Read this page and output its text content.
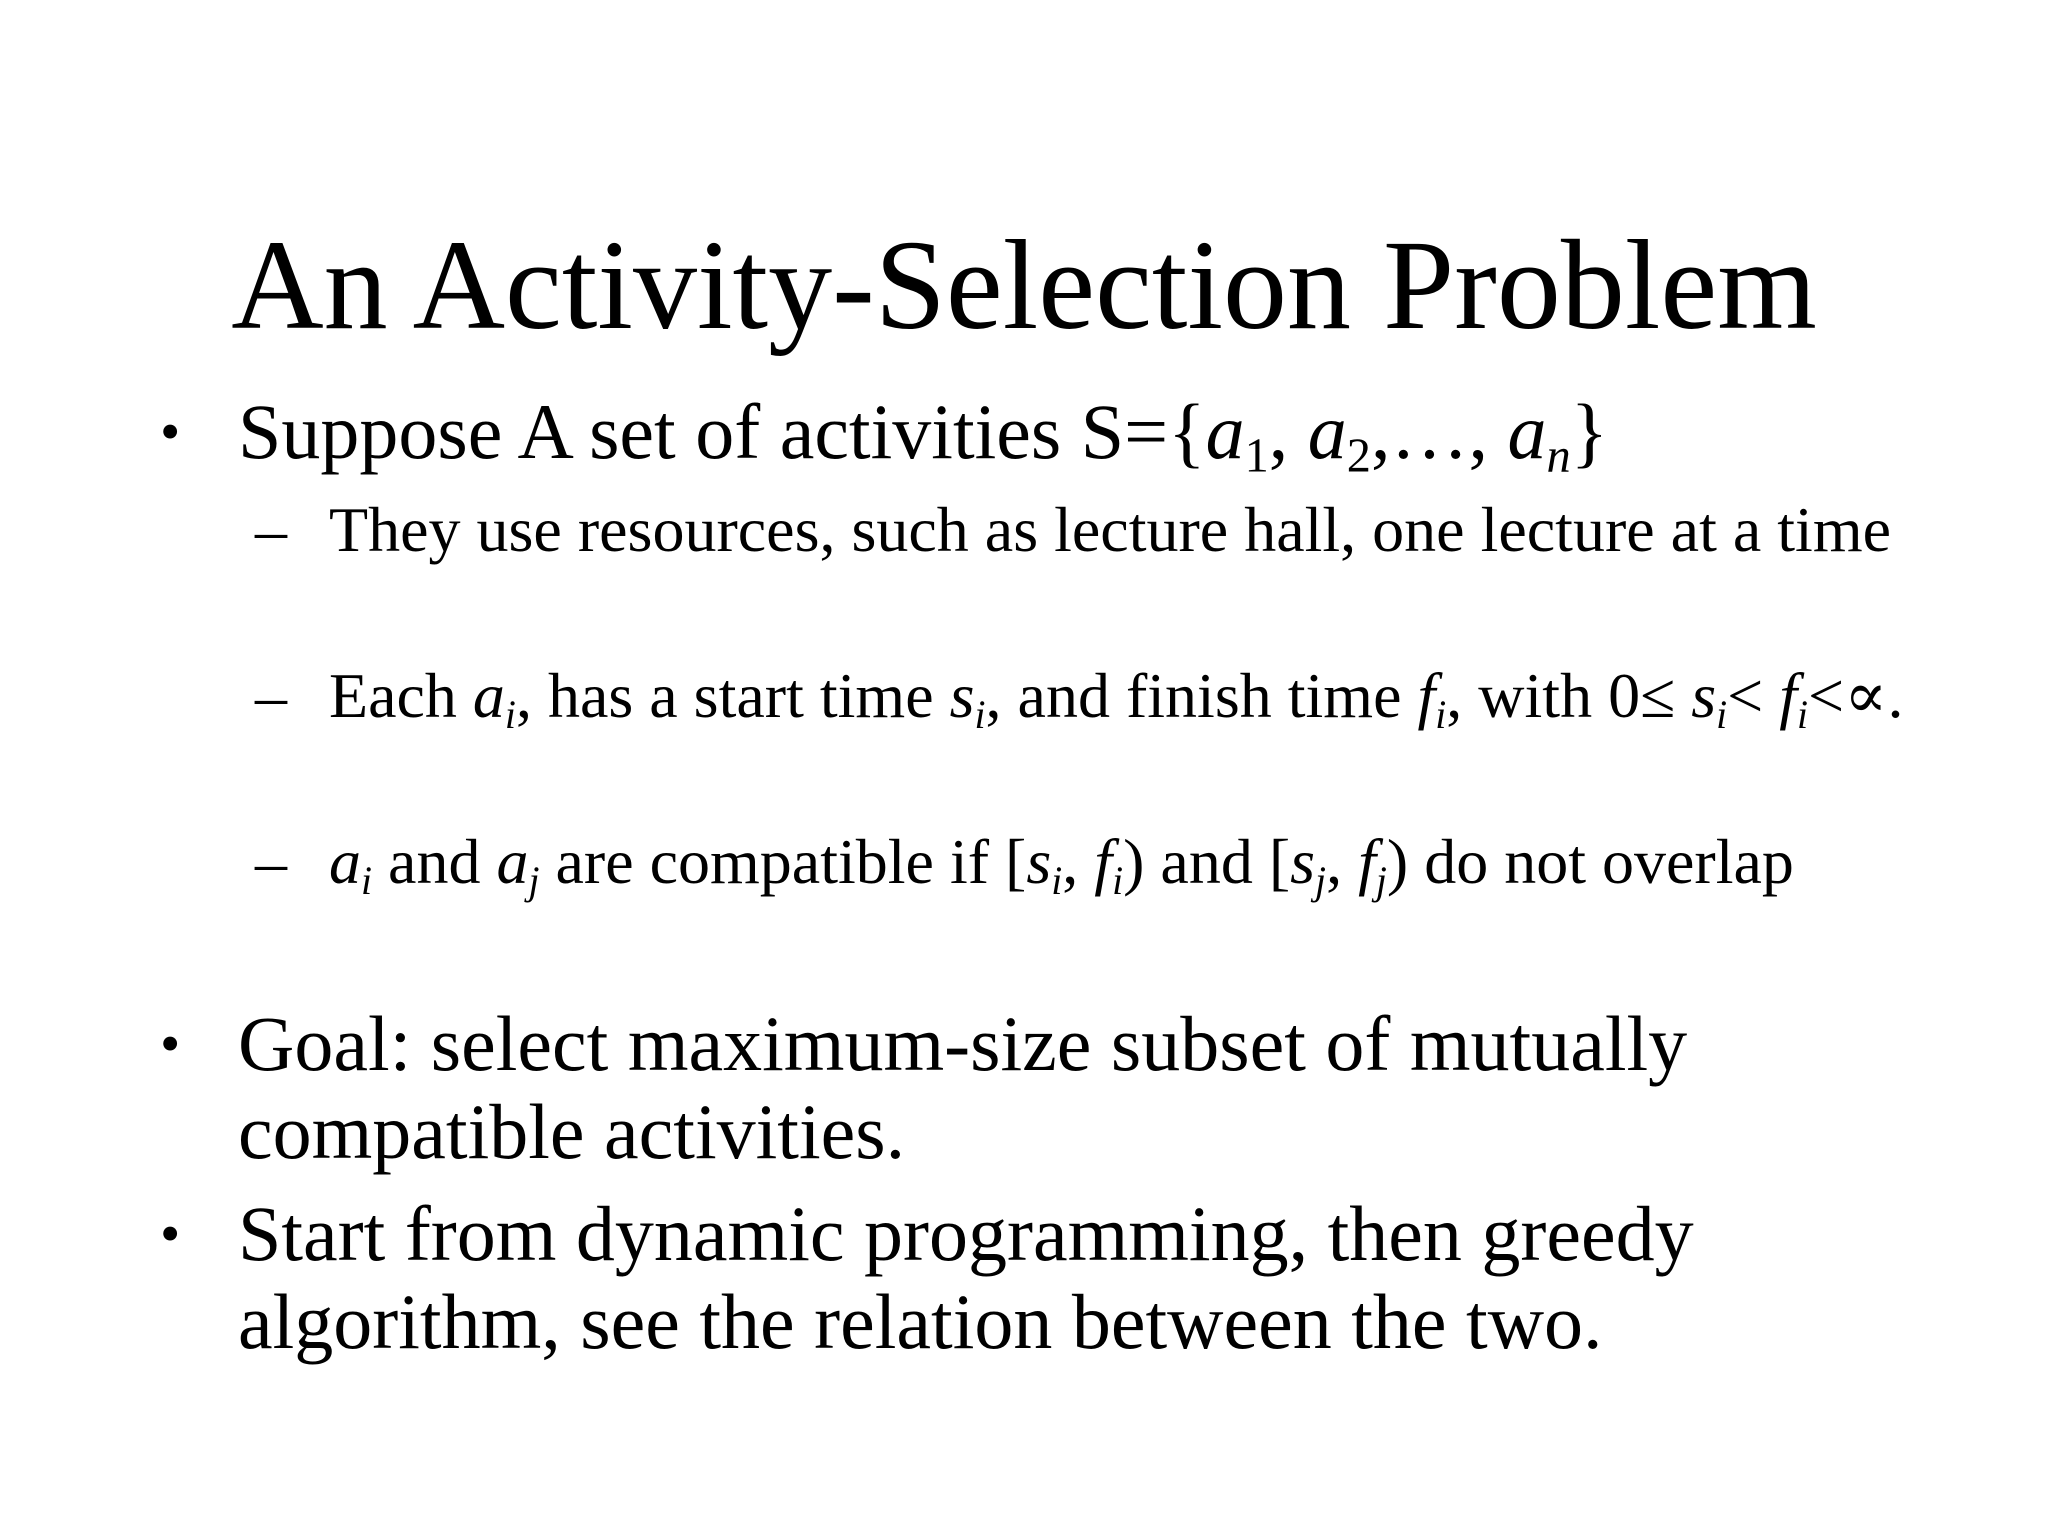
An Activity-Selection Problem
• Suppose A set of activities $S=\{a_1$, $a_2,\dots$, $a_n$}
– They use resources, such as lecture hall, one lecture at a time
– Each $a_i$, has a start time $s_i$, and finish time $f_i$, with $0\le s_i< f_i<\propto$.
– $a_i$ and $a_j$ are compatible if [$s_i$, $f_i$) and [$s_j$, $f_j$) do not overlap
• Goal: select maximum-size subset of mutually compatible activities.
• Start from dynamic programming, then greedy algorithm, see the relation between the two.
